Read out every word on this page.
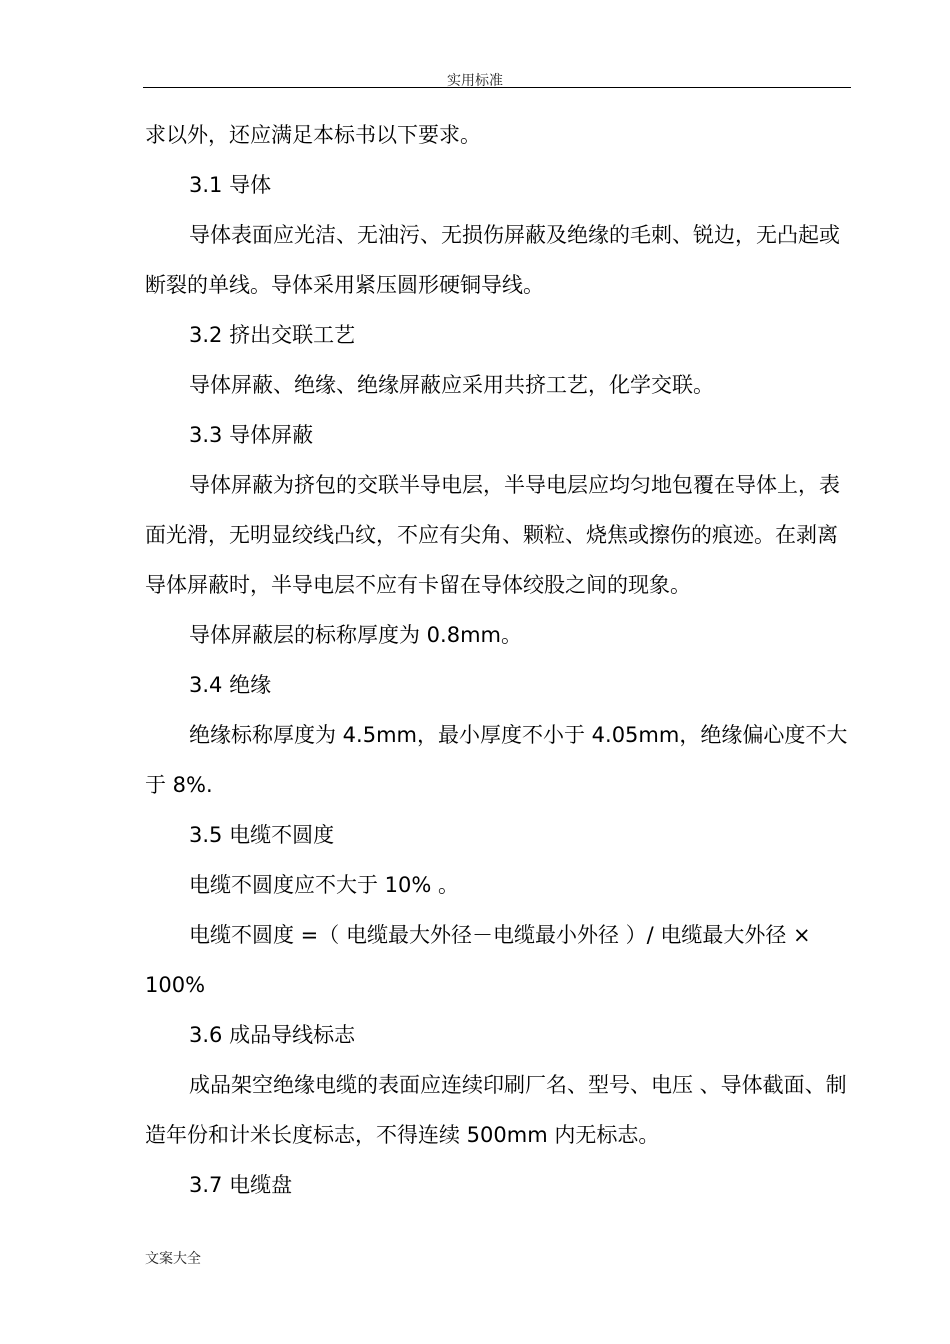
实用标准

求以外，还应满足本标书以下要求。

3.1 导体

导体表面应光洁、无油污、无损伤屏蔽及绝缘的毛刺、锐边，无凸起或断裂的单线。导体采用紧压圆形硬铜导线。

3.2 挤出交联工艺

导体屏蔽、绝缘、绝缘屏蔽应采用共挤工艺，化学交联。

3.3 导体屏蔽

导体屏蔽为挤包的交联半导电层，半导电层应均匀地包覆在导体上，表面光滑，无明显绞线凸纹，不应有尖角、颗粒、烧焦或擦伤的痕迹。在剥离导体屏蔽时，半导电层不应有卡留在导体绞股之间的现象。

导体屏蔽层的标称厚度为 0.8mm。

3.4 绝缘

绝缘标称厚度为 4.5mm，最小厚度不小于 4.05mm，绝缘偏心度不大于 8%.

3.5 电缆不圆度

电缆不圆度应不大于 10% 。

电缆不圆度 =（ 电缆最大外径－电缆最小外径 ）/ 电缆最大外径 × 100%

3.6 成品导线标志

成品架空绝缘电缆的表面应连续印刷厂名、型号、电压 、导体截面、制造年份和计米长度标志，不得连续 500mm 内无标志。

3.7 电缆盘

文案大全
